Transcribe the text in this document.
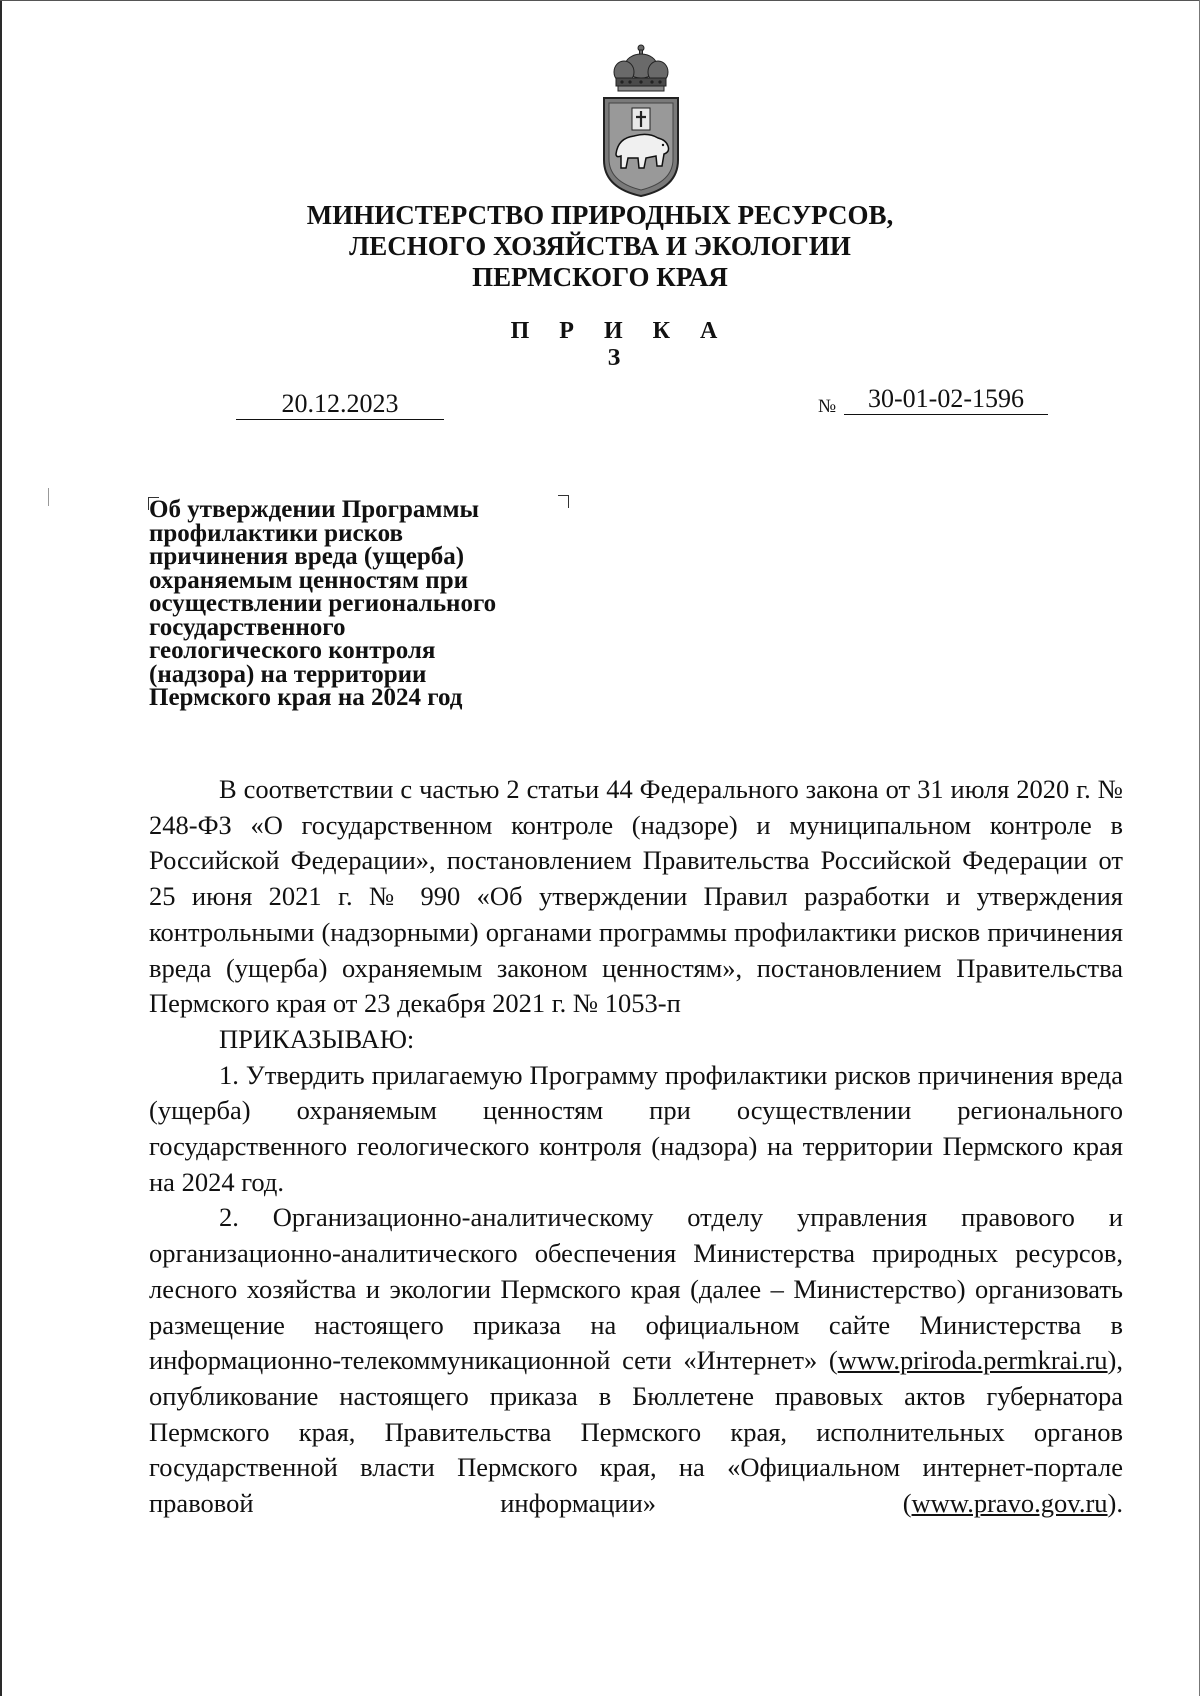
МИНИСТЕРСТВО ПРИРОДНЫХ РЕСУРСОВ,
ЛЕСНОГО ХОЗЯЙСТВА И ЭКОЛОГИИ
ПЕРМСКОГО КРАЯ
П Р И К А З
20.12.2023	№	30-01-02-1596
Об утверждении Программы
профилактики рисков
причинения вреда (ущерба)
охраняемым ценностям при
осуществлении регионального
государственного
геологического контроля
(надзора) на территории
Пермского края на 2024 год

В соответствии с частью 2 статьи 44 Федерального закона от 31 июля 2020 г. № 248-ФЗ «О государственном контроле (надзоре) и муниципальном контроле в Российской Федерации», постановлением Правительства Российской Федерации от 25 июня 2021 г. № 990 «Об утверждении Правил разработки и утверждения контрольными (надзорными) органами программы профилактики рисков причинения вреда (ущерба) охраняемым законом ценностям», постановлением Правительства Пермского края от 23 декабря 2021 г. № 1053-п

ПРИКАЗЫВАЮ:

1. Утвердить прилагаемую Программу профилактики рисков причинения вреда (ущерба) охраняемым ценностям при осуществлении регионального государственного геологического контроля (надзора) на территории Пермского края на 2024 год.

2. Организационно-аналитическому отделу управления правового и организационно-аналитического обеспечения Министерства природных ресурсов, лесного хозяйства и экологии Пермского края (далее – Министерство) организовать размещение настоящего приказа на официальном сайте Министерства в информационно-телекоммуникационной сети «Интернет» (www.priroda.permkrai.ru), опубликование настоящего приказа в Бюллетене правовых актов губернатора Пермского края, Правительства Пермского края, исполнительных органов государственной власти Пермского края, на «Официальном интернет-портале правовой информации» (www.pravo.gov.ru).
